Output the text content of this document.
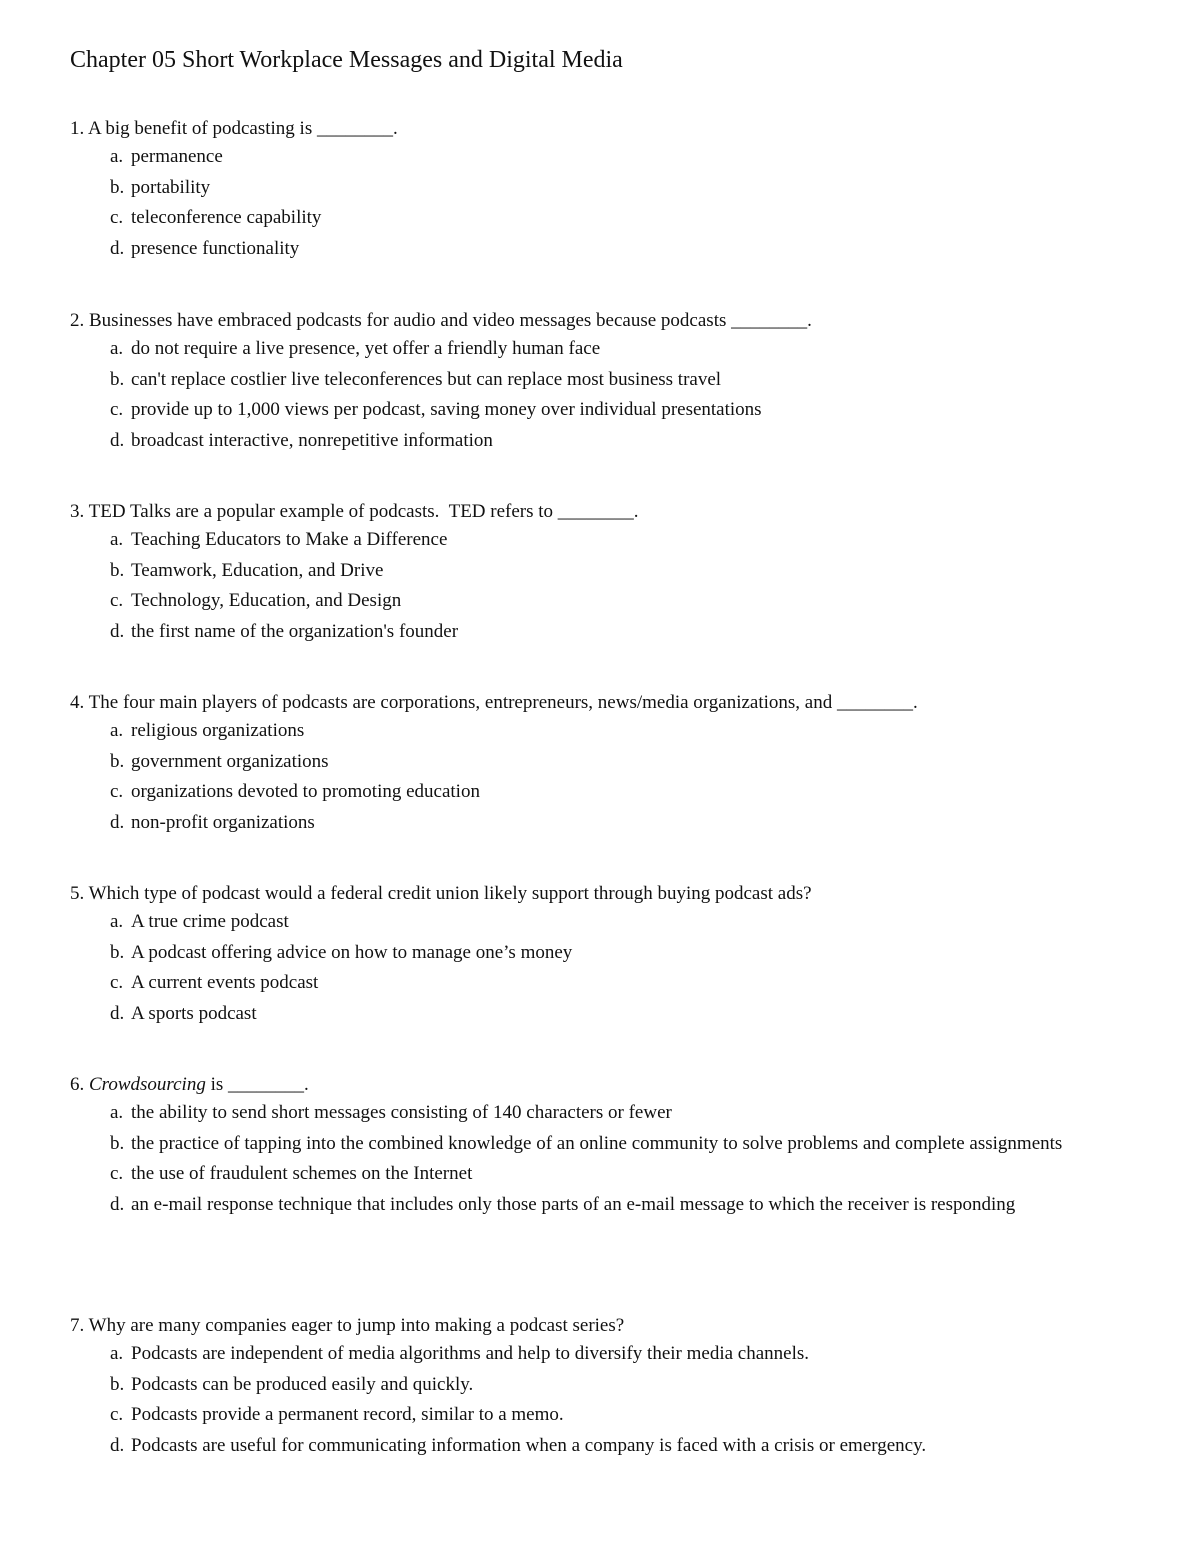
Chapter 05 Short Workplace Messages and Digital Media

1. A big benefit of podcasting is ________.

a. permanence
b. portability
c. teleconference capability
d. presence functionality

2. Businesses have embraced podcasts for audio and video messages because podcasts ________.

a. do not require a live presence, yet offer a friendly human face
b. can't replace costlier live teleconferences but can replace most business travel
c. provide up to 1,000 views per podcast, saving money over individual presentations
d. broadcast interactive, nonrepetitive information

3. TED Talks are a popular example of podcasts.  TED refers to ________.

a. Teaching Educators to Make a Difference
b. Teamwork, Education, and Drive
c. Technology, Education, and Design
d. the first name of the organization's founder

4. The four main players of podcasts are corporations, entrepreneurs, news/media organizations, and ________.

a. religious organizations
b. government organizations
c. organizations devoted to promoting education
d. non-profit organizations

5. Which type of podcast would a federal credit union likely support through buying podcast ads?

a. A true crime podcast
b. A podcast offering advice on how to manage one’s money
c. A current events podcast
d. A sports podcast

6. Crowdsourcing is ________.

a. the ability to send short messages consisting of 140 characters or fewer
b. the practice of tapping into the combined knowledge of an online community to solve problems and complete assignments
c. the use of fraudulent schemes on the Internet
d. an e-mail response technique that includes only those parts of an e-mail message to which the receiver is responding

7. Why are many companies eager to jump into making a podcast series?

a. Podcasts are independent of media algorithms and help to diversify their media channels.
b. Podcasts can be produced easily and quickly.
c. Podcasts provide a permanent record, similar to a memo.
d. Podcasts are useful for communicating information when a company is faced with a crisis or emergency.
